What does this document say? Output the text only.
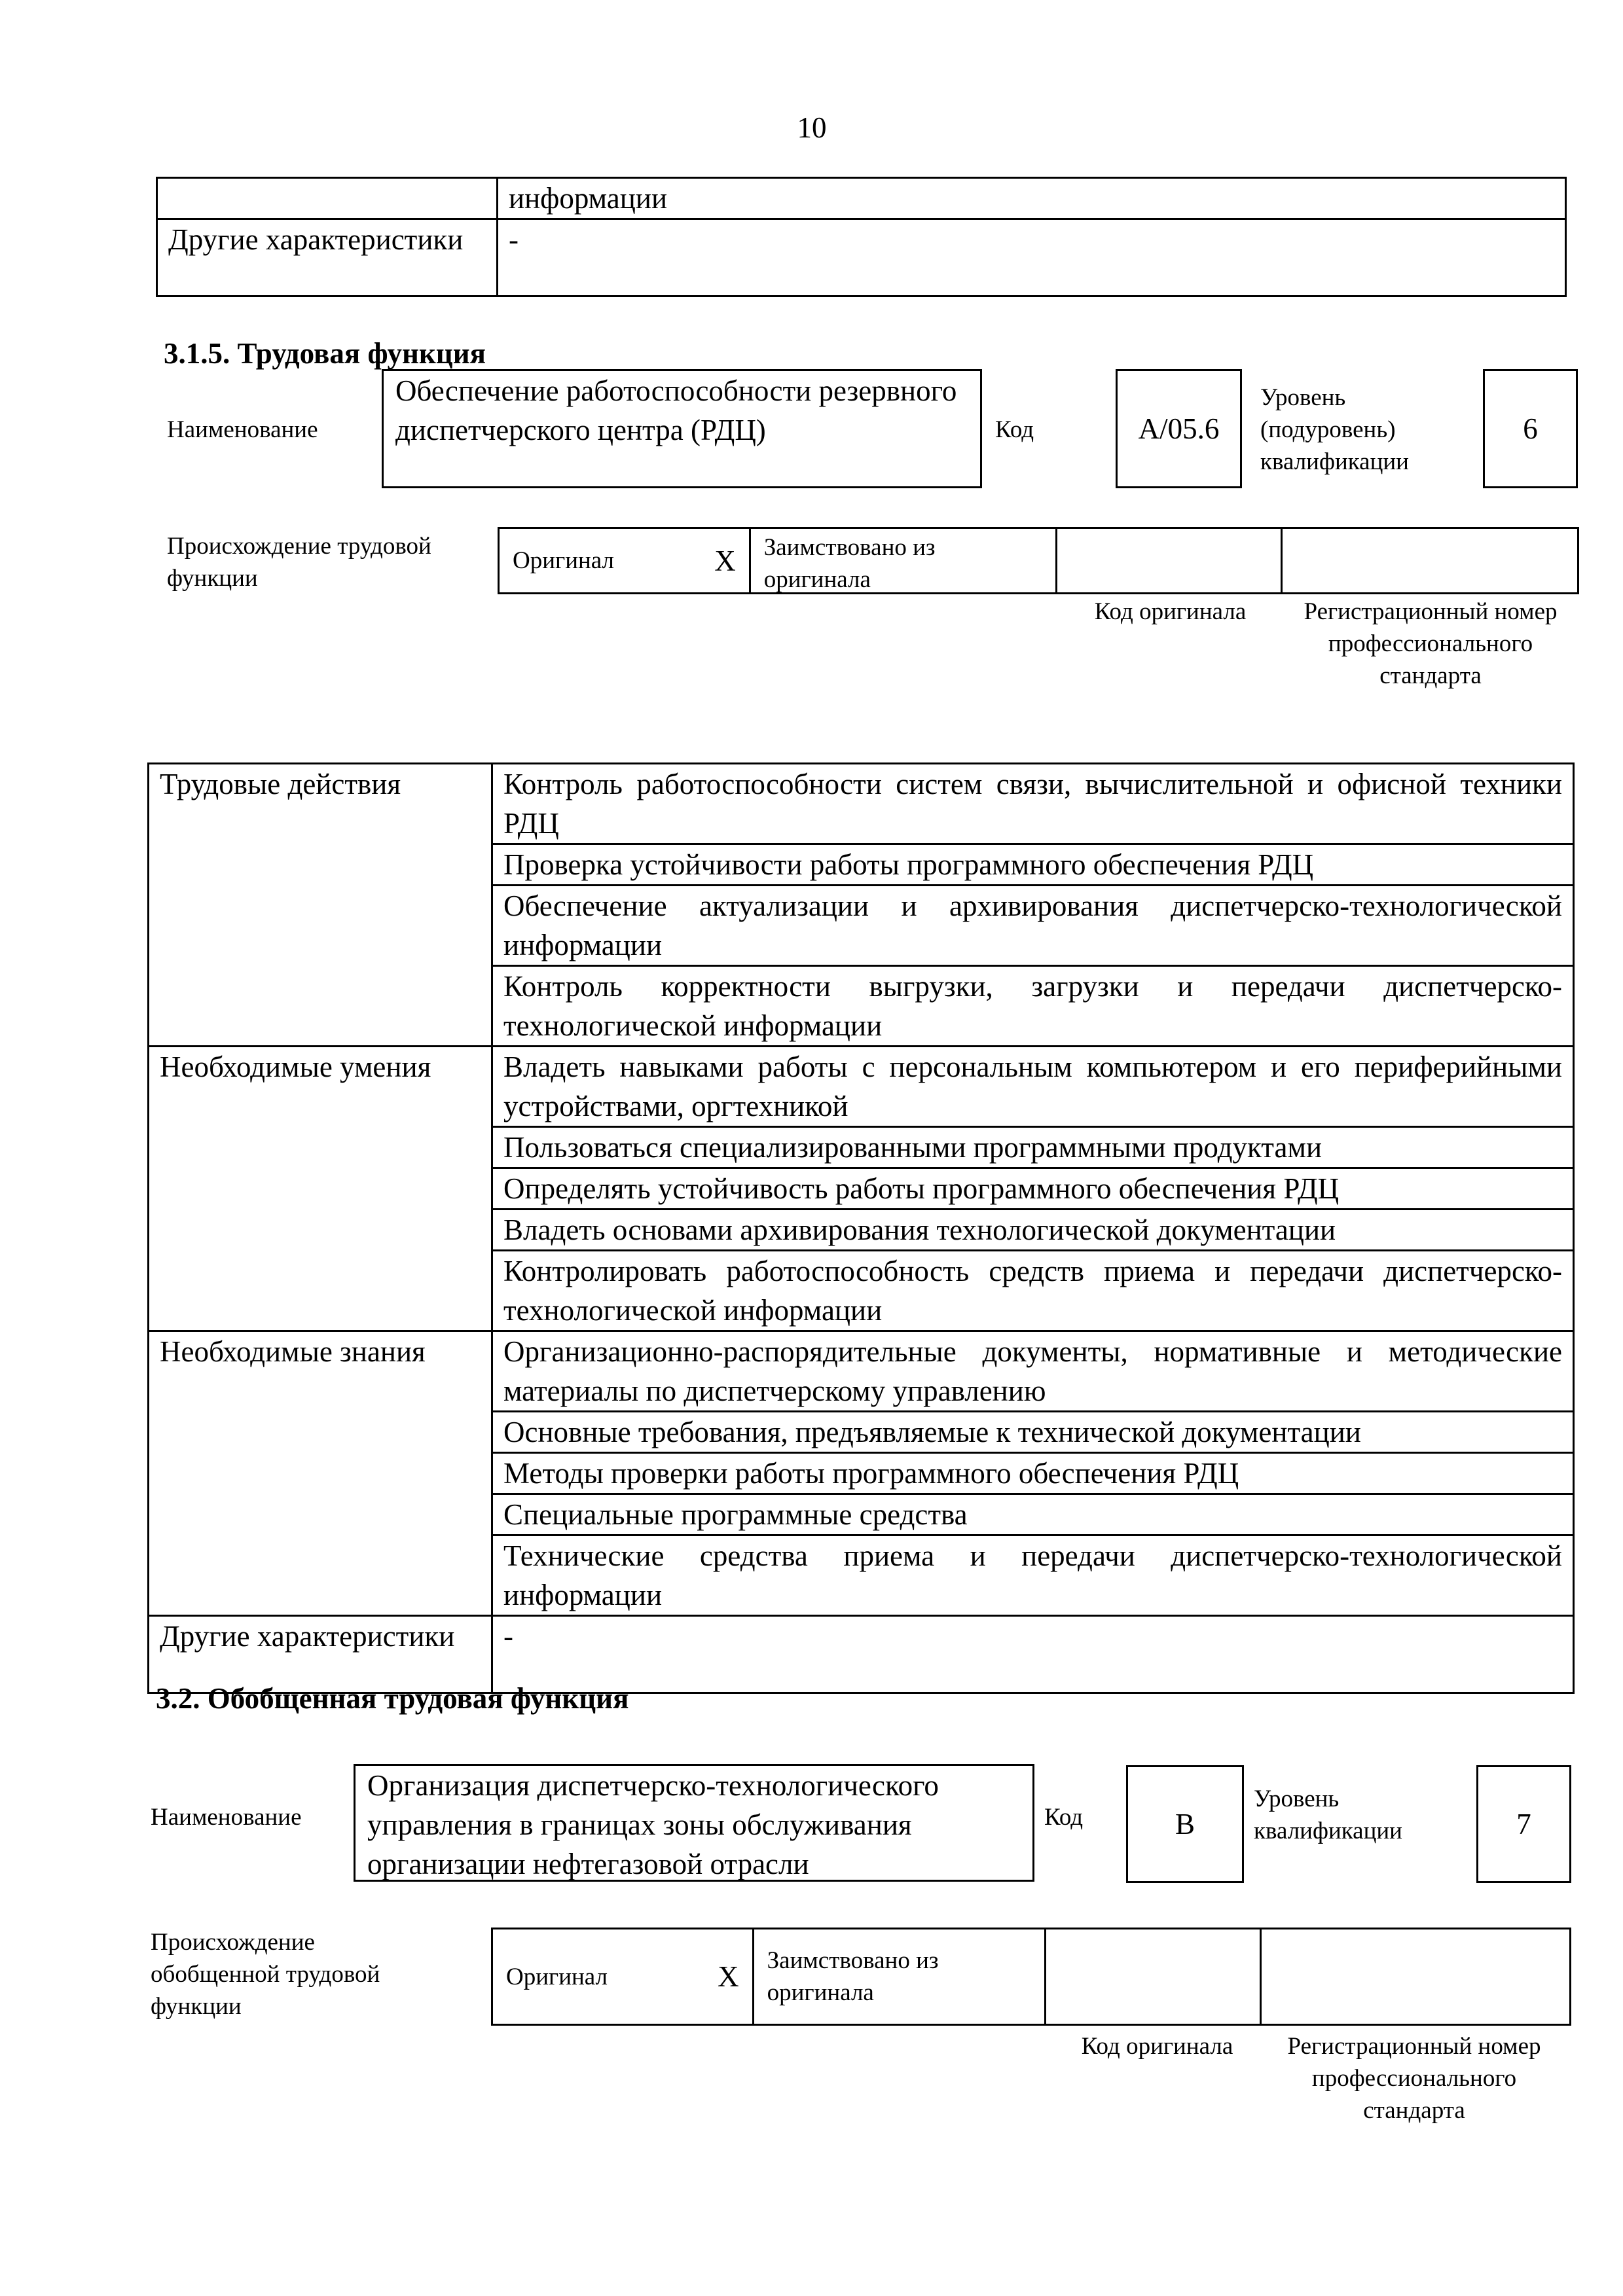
10
	информации
Другие характеристики	-
3.1.5. Трудовая функция
Наименование
Обеспечение работоспособности резервного диспетчерского центра (РДЦ)	Код	А/05.6
Уровень (подуровень) квалификации
6
Происхождение трудовой функции
Оригинал	X	Заимствовано из оригинала
Код оригинала	Регистрационный номер профессионального стандарта
Трудовые действия	Контроль работоспособности систем связи, вычислительной и офисной техники РДЦ
	Проверка устойчивости работы программного обеспечения РДЦ
	Обеспечение актуализации и архивирования диспетчерско-технологической информации
	Контроль корректности выгрузки, загрузки и передачи диспетчерско-технологической информации
Необходимые умения	Владеть навыками работы с персональным компьютером и его периферийными устройствами, оргтехникой
	Пользоваться специализированными программными продуктами
	Определять устойчивость работы программного обеспечения РДЦ
	Владеть основами архивирования технологической документации
	Контролировать работоспособность средств приема и передачи диспетчерско-технологической информации
Необходимые знания	Организационно-распорядительные документы, нормативные и методические материалы по диспетчерскому управлению
	Основные требования, предъявляемые к технической документации
	Методы проверки работы программного обеспечения РДЦ
	Специальные программные средства
	Технические средства приема и передачи диспетчерско-технологической информации
Другие характеристики	-
3.2. Обобщенная трудовая функция
Наименование
Организация диспетчерско-технологического управления в границах зоны обслуживания организации нефтегазовой отрасли
Код	B
Уровень квалификации	7
Происхождение обобщенной трудовой функции
Оригинал	X Заимствовано из оригинала
Код оригинала	Регистрационный номер профессионального стандарта
